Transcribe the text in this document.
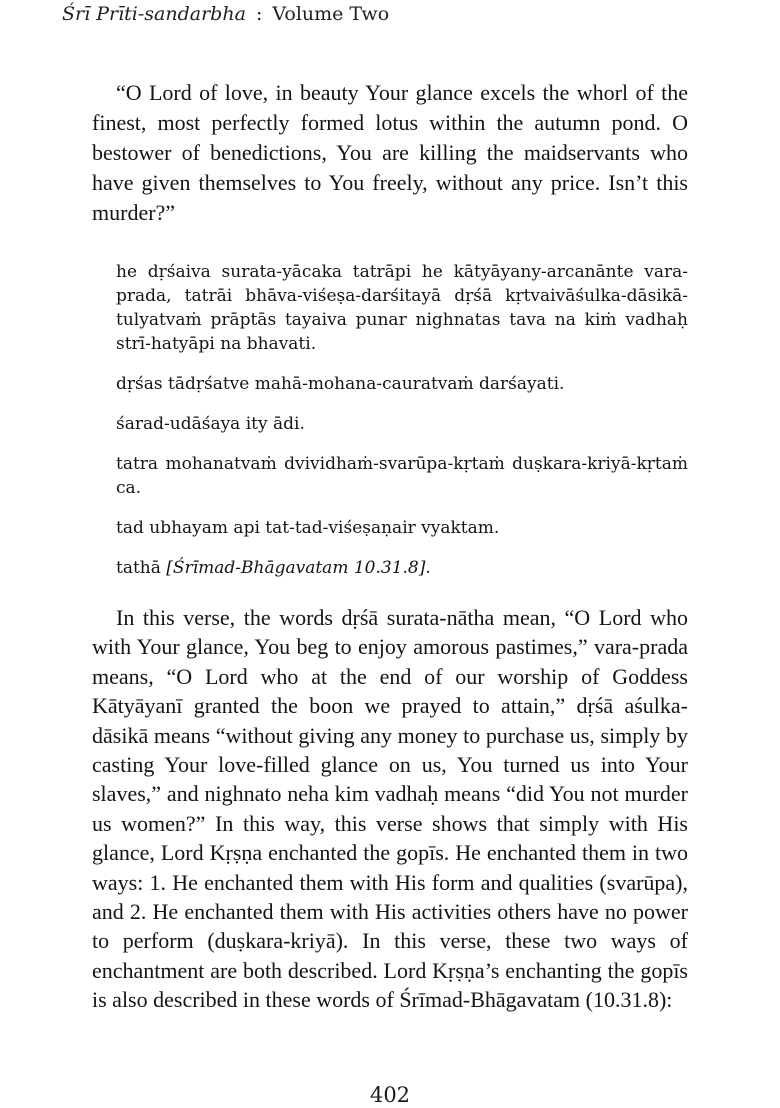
Śrī Prīti-sandarbha : Volume Two

“O Lord of love, in beauty Your glance excels the whorl of the finest, most perfectly formed lotus within the autumn pond. O bestower of benedictions, You are killing the maidservants who have given themselves to You freely, without any price. Isn’t this murder?”

he dṛśaiva surata-yācaka tatrāpi he kātyāyany-arcanānte vara-prada, tatrāi bhāva-viśeṣa-darśitayā dṛśā kṛtvaivāśulka-dāsikā-tulyatvaṁ prāptās tayaiva punar nighnatas tava na kiṁ vadhaḥ strī-hatyāpi na bhavati.

dṛśas tādṛśatve mahā-mohana-cauratvaṁ darśayati.

śarad-udāśaya ity ādi.

tatra mohanatvaṁ dvividhaṁ-svarūpa-kṛtaṁ duṣkara-kriyā-kṛtaṁ ca.

tad ubhayam api tat-tad-viśeṣaṇair vyaktam.

tathā [Śrīmad-Bhāgavatam 10.31.8].

In this verse, the words dṛśā surata-nātha mean, “O Lord who with Your glance, You beg to enjoy amorous pastimes,” vara-prada means, “O Lord who at the end of our worship of Goddess Kātyāyanī granted the boon we prayed to attain,” dṛśā aśulka-dāsikā means “without giving any money to purchase us, simply by casting Your love-filled glance on us, You turned us into Your slaves,” and nighnato neha kim vadhaḥ means “did You not murder us women?” In this way, this verse shows that simply with His glance, Lord Kṛṣṇa enchanted the gopīs. He enchanted them in two ways: 1. He enchanted them with His form and qualities (svarūpa), and 2. He enchanted them with His activities others have no power to perform (duṣkara-kriyā). In this verse, these two ways of enchantment are both described. Lord Kṛṣṇa’s enchanting the gopīs is also described in these words of Śrīmad-Bhāgavatam (10.31.8):

402
